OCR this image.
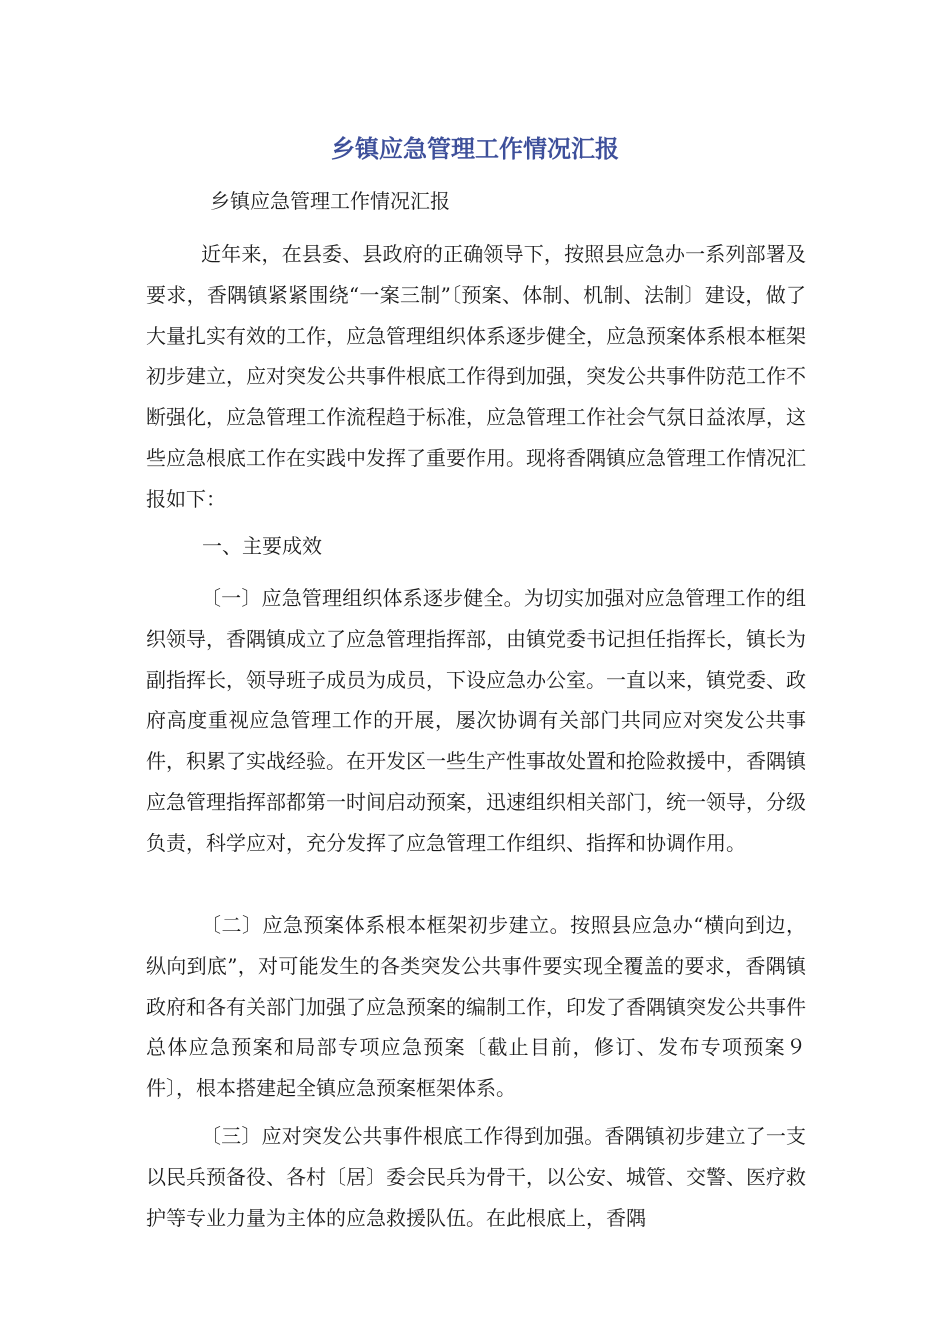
乡镇应急管理工作情况汇报

乡镇应急管理工作情况汇报

近年来，在县委、县政府的正确领导下，按照县应急办一系列部署及要求，香隅镇紧紧围绕“一案三制”〔预案、体制、机制、法制〕建设，做了大量扎实有效的工作，应急管理组织体系逐步健全，应急预案体系根本框架初步建立，应对突发公共事件根底工作得到加强，突发公共事件防范工作不断强化，应急管理工作流程趋于标准，应急管理工作社会气氛日益浓厚，这些应急根底工作在实践中发挥了重要作用。现将香隅镇应急管理工作情况汇报如下：

一、主要成效

〔一〕应急管理组织体系逐步健全。为切实加强对应急管理工作的组织领导，香隅镇成立了应急管理指挥部，由镇党委书记担任指挥长，镇长为副指挥长，领导班子成员为成员，下设应急办公室。一直以来，镇党委、政府高度重视应急管理工作的开展，屡次协调有关部门共同应对突发公共事件，积累了实战经验。在开发区一些生产性事故处置和抢险救援中，香隅镇应急管理指挥部都第一时间启动预案，迅速组织相关部门，统一领导，分级负责，科学应对，充分发挥了应急管理工作组织、指挥和协调作用。

〔二〕应急预案体系根本框架初步建立。按照县应急办“横向到边，纵向到底”，对可能发生的各类突发公共事件要实现全覆盖的要求，香隅镇政府和各有关部门加强了应急预案的编制工作，印发了香隅镇突发公共事件总体应急预案和局部专项应急预案〔截止目前，修订、发布专项预案９件〕，根本搭建起全镇应急预案框架体系。

〔三〕应对突发公共事件根底工作得到加强。香隅镇初步建立了一支以民兵预备役、各村〔居〕委会民兵为骨干，以公安、城管、交警、医疗救护等专业力量为主体的应急救援队伍。在此根底上，香隅
